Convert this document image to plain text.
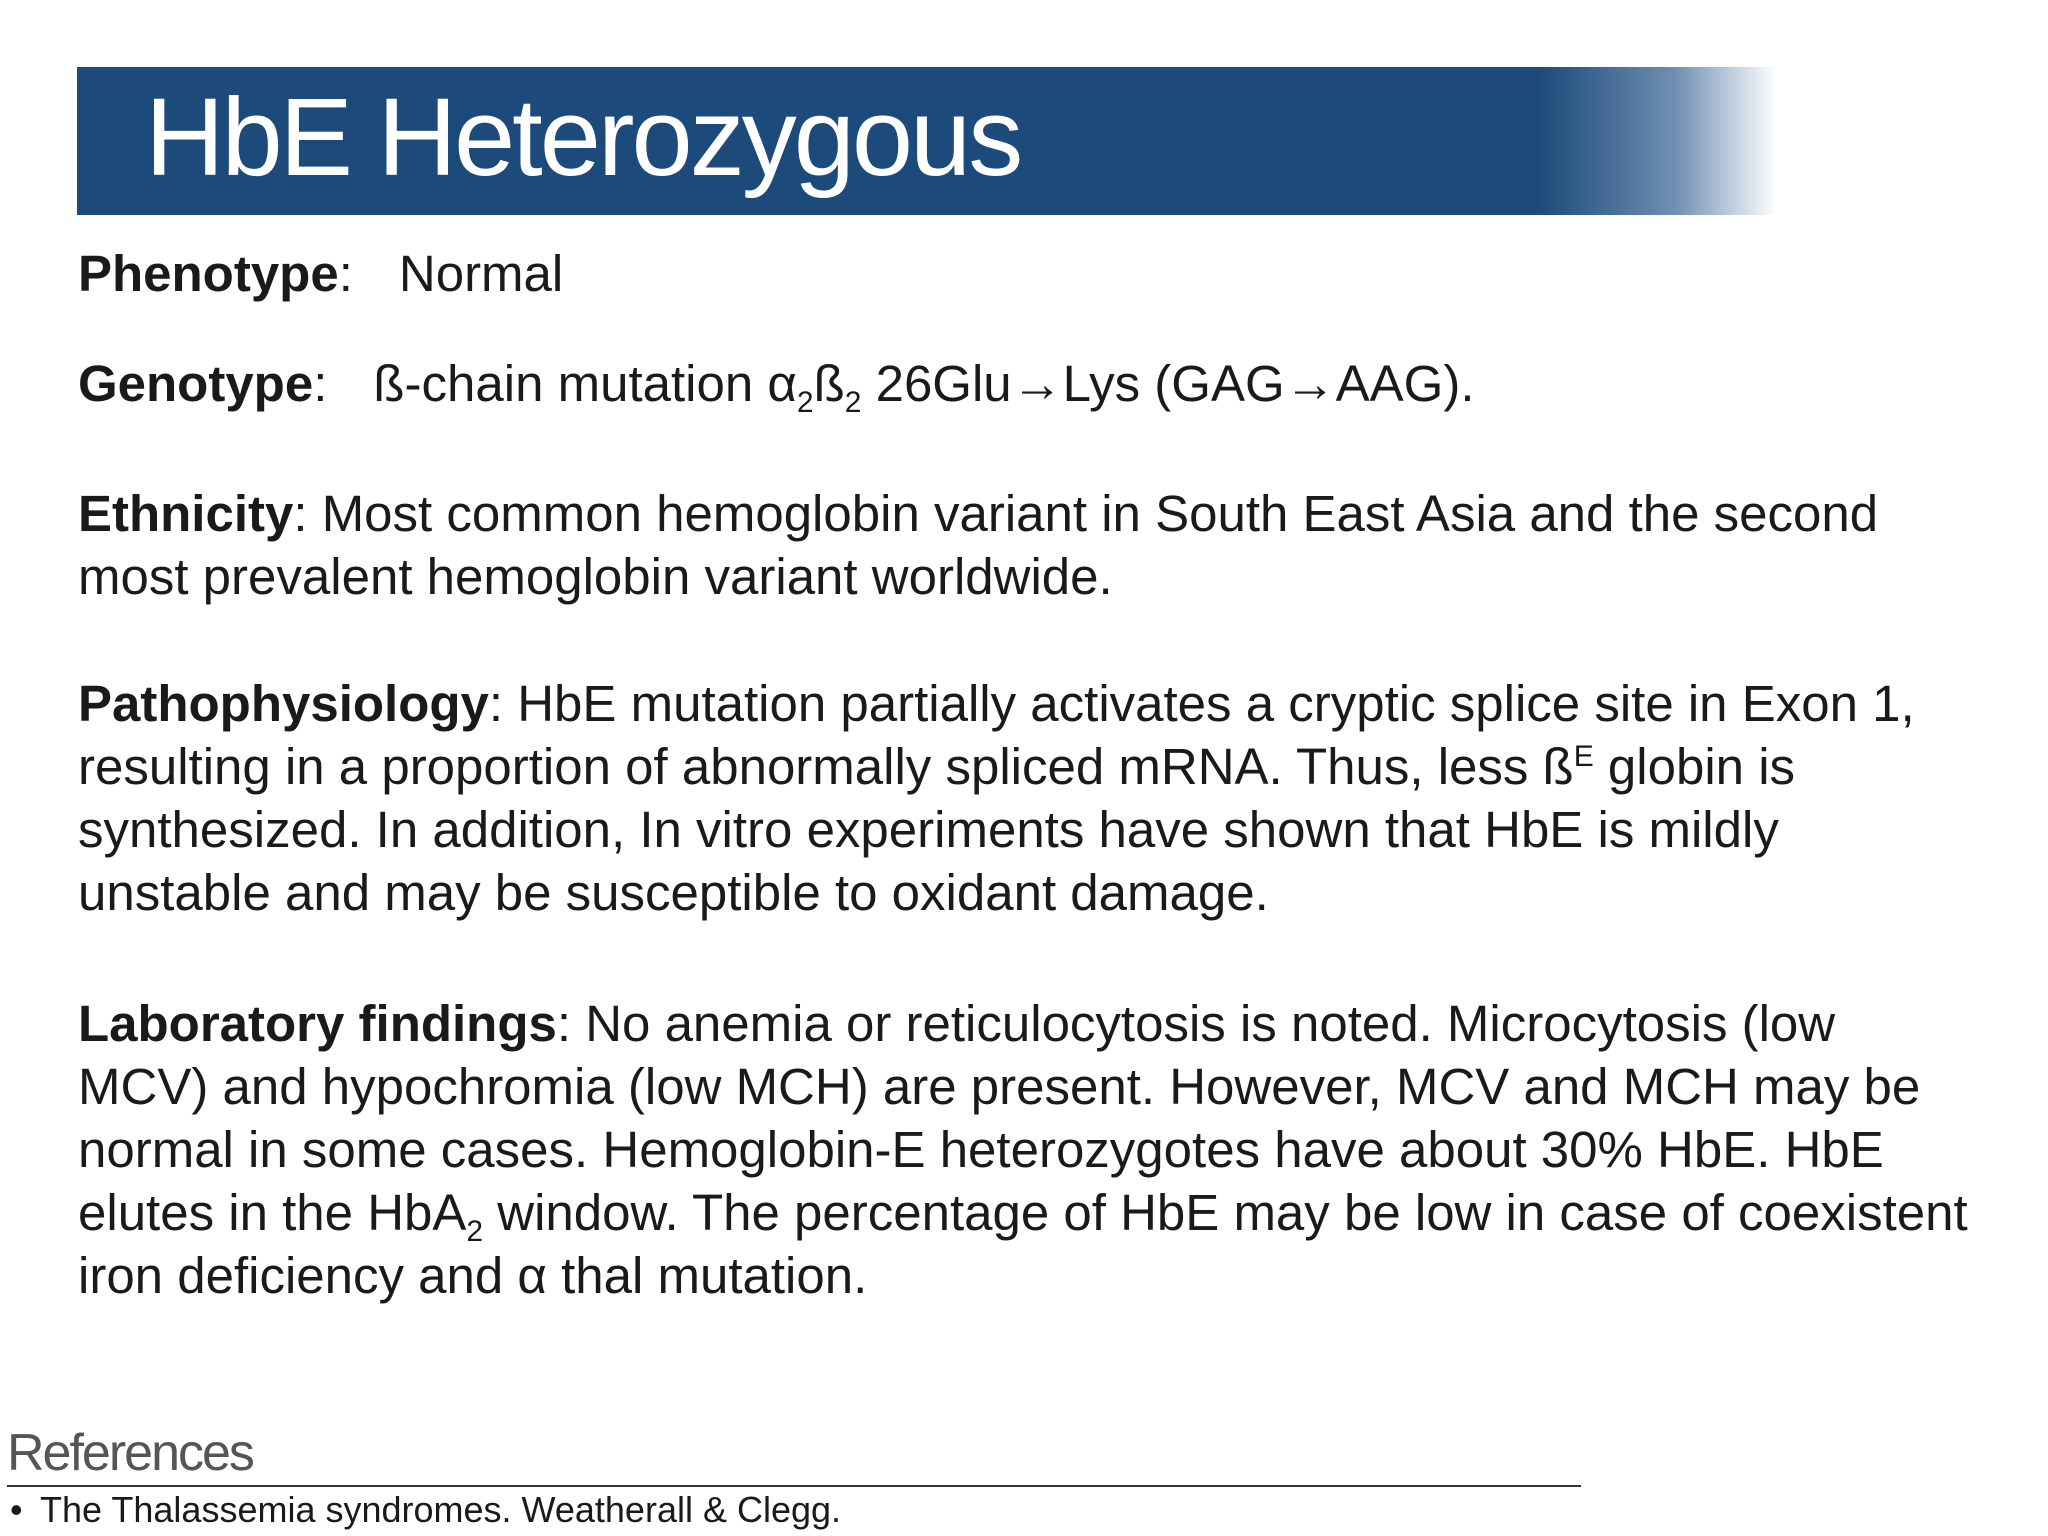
HbE Heterozygous
Phenotype: Normal
Genotype: ß-chain mutation $\alpha_2ß_2$ 26Glu→Lys (GAG→AAG).
Ethnicity: Most common hemoglobin variant in South East Asia and the second most prevalent hemoglobin variant worldwide.
Pathophysiology: HbE mutation partially activates a cryptic splice site in Exon 1, resulting in a proportion of abnormally spliced mRNA. Thus, less $ß^E$ globin is synthesized. In addition, In vitro experiments have shown that HbE is mildly unstable and may be susceptible to oxidant damage.
Laboratory findings: No anemia or reticulocytosis is noted. Microcytosis (low MCV) and hypochromia (low MCH) are present. However, MCV and MCH may be normal in some cases. Hemoglobin-E heterozygotes have about 30% HbE. HbE elutes in the HbA$_2$ window. The percentage of HbE may be low in case of coexistent iron deficiency and α thal mutation.
References
• The Thalassemia syndromes. Weatherall & Clegg.
